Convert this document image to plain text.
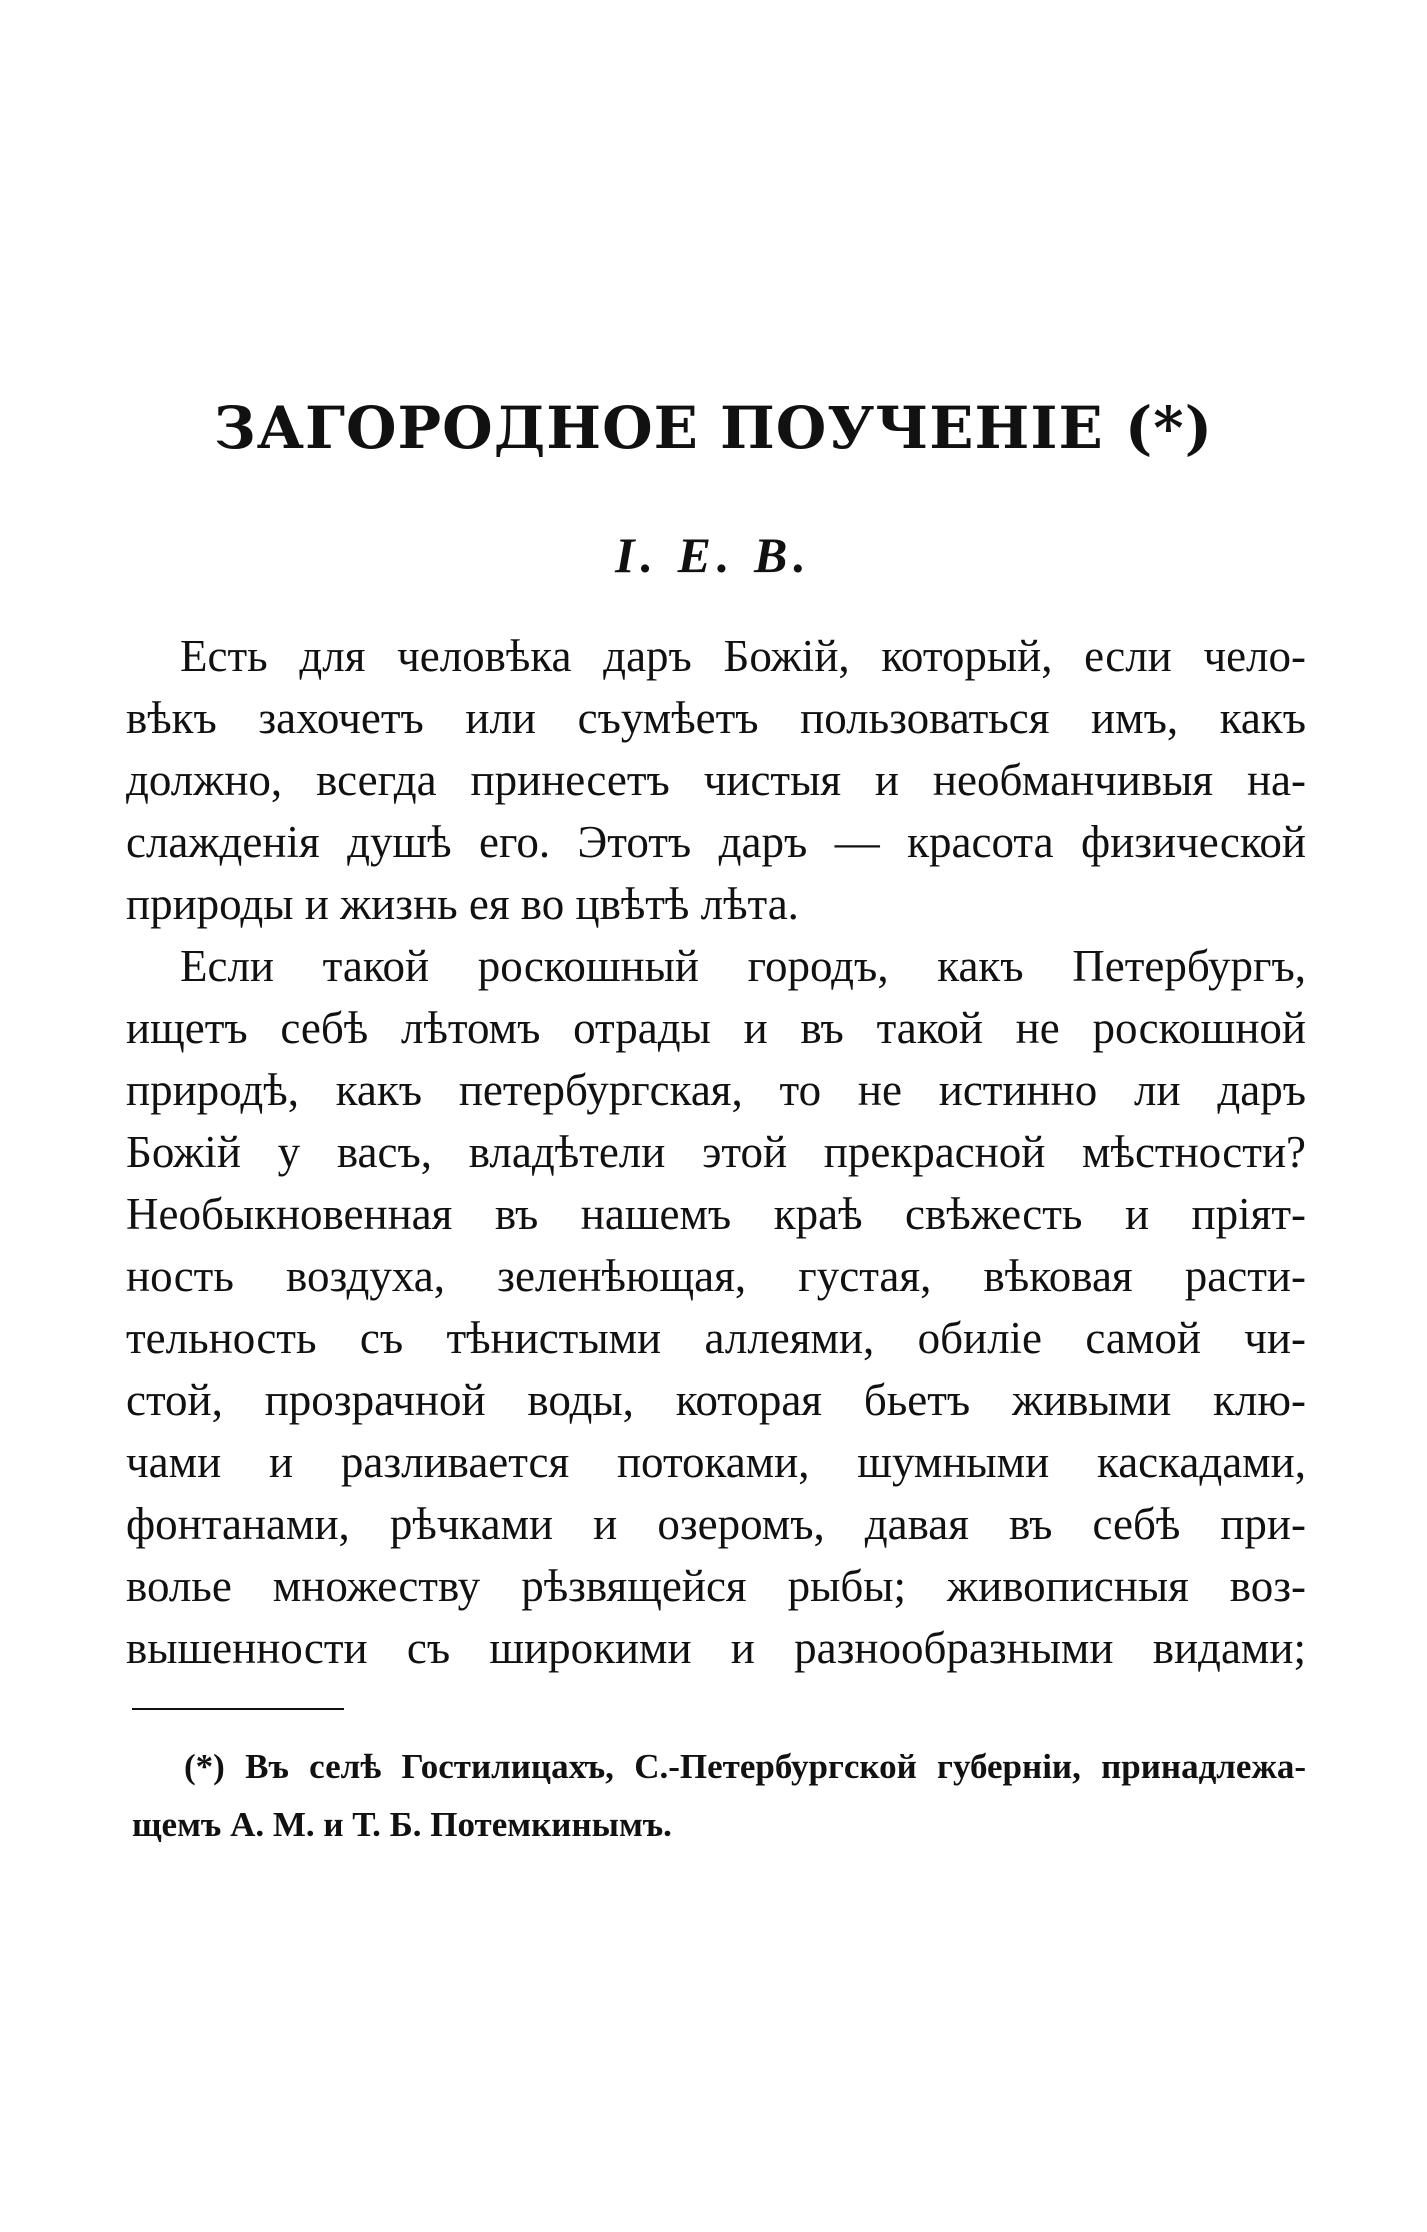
ЗАГОРОДНОЕ ПОУЧЕНІЕ (*)

І. Е. В.

Есть для человѣка даръ Божій, который, если чело-
вѣкъ захочетъ или съумѣетъ пользоваться имъ, какъ
должно, всегда принесетъ чистыя и необманчивыя на-
слажденія душѣ его. Этотъ даръ — красота физической
природы и жизнь ея во цвѣтѣ лѣта.
Если такой роскошный городъ, какъ Петербургъ,
ищетъ себѣ лѣтомъ отрады и въ такой не роскошной
природѣ, какъ петербургская, то не истинно ли даръ
Божій у васъ, владѣтели этой прекрасной мѣстности?
Необыкновенная въ нашемъ краѣ свѣжесть и пріят-
ность воздуха, зеленѣющая, густая, вѣковая расти-
тельность съ тѣнистыми аллеями, обиліе самой чи-
стой, прозрачной воды, которая бьетъ живыми клю-
чами и разливается потоками, шумными каскадами,
фонтанами, рѣчками и озеромъ, давая въ себѣ при-
волье множеству рѣзвящейся рыбы; живописныя воз-
вышенности съ широкими и разнообразными видами;
(*) Въ селѣ Гостилицахъ, С.-Петербургской губерніи, принадлежа-
щемъ А. М. и Т. Б. Потемкинымъ.
